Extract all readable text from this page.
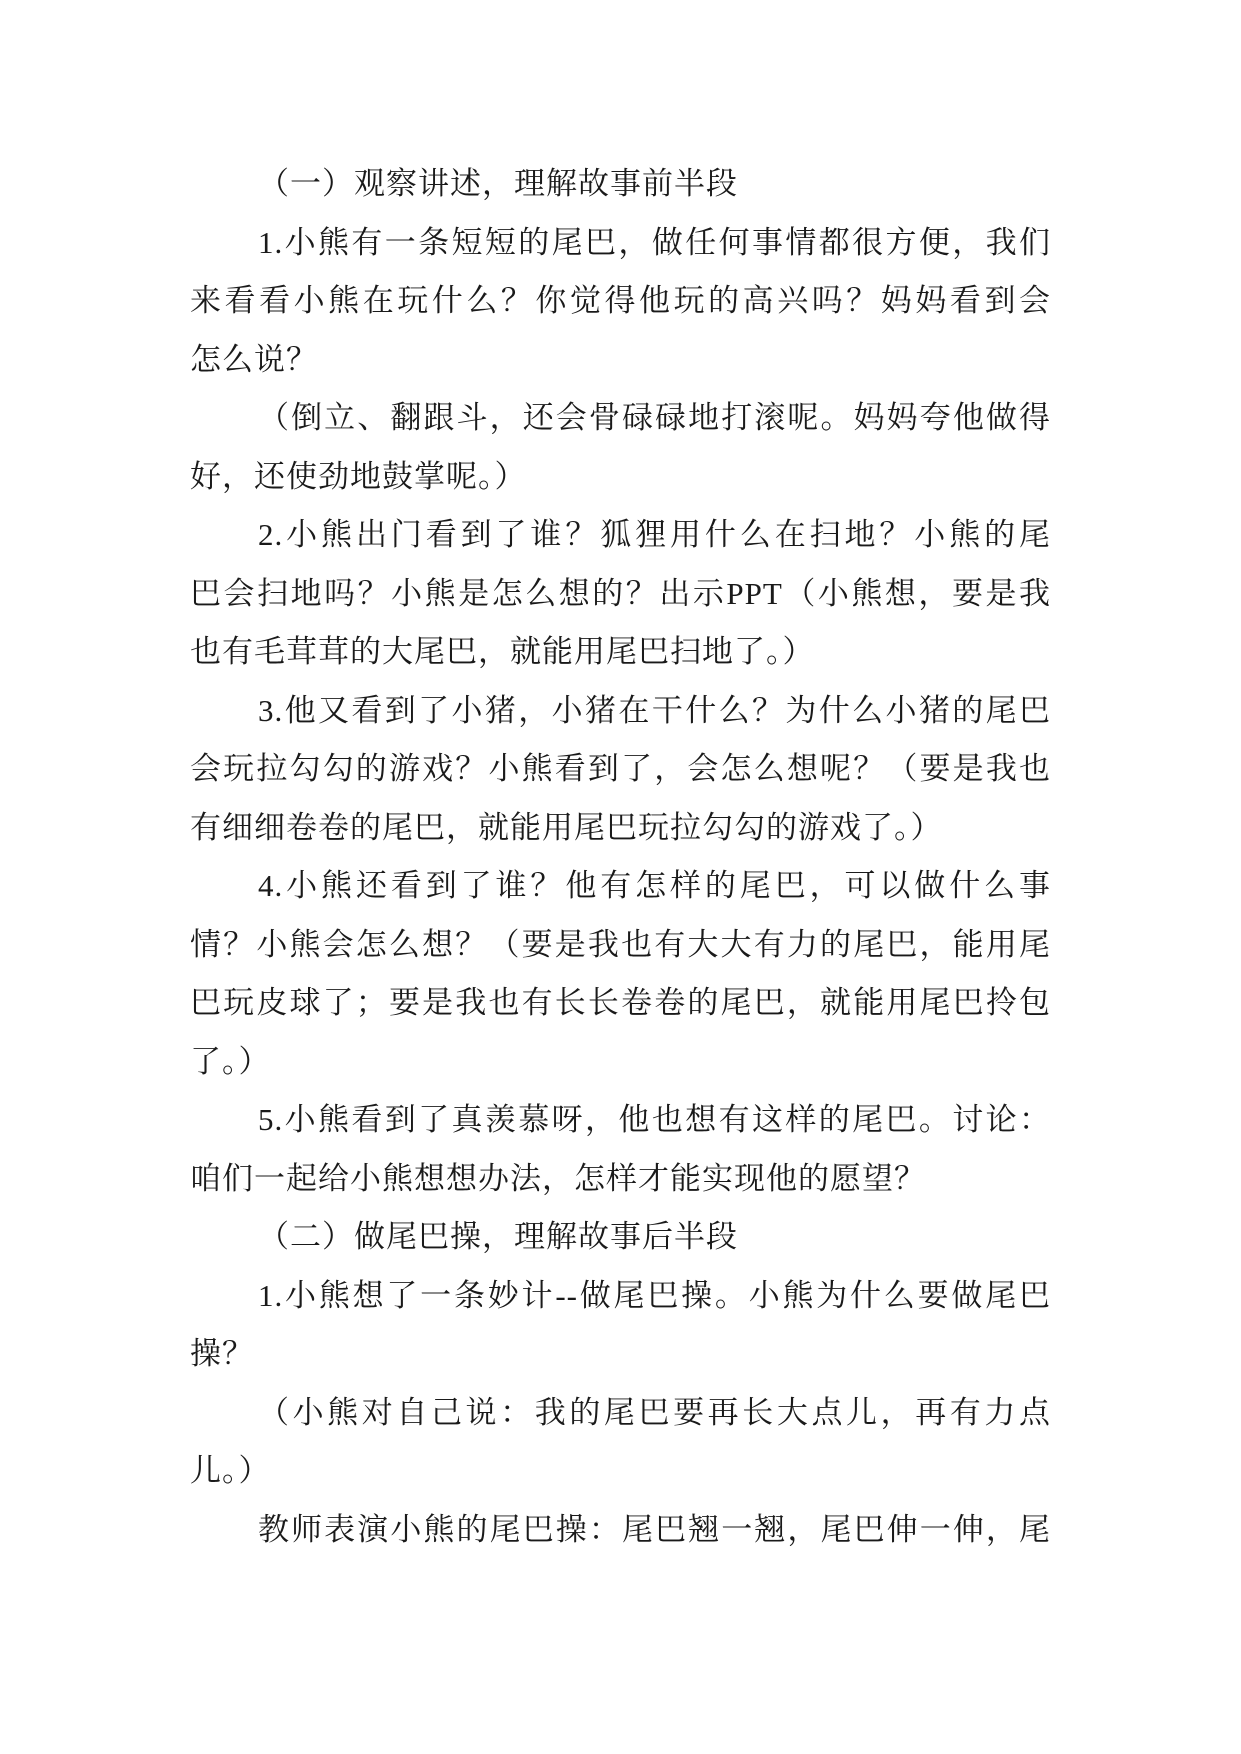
（一）观察讲述，理解故事前半段
1.小熊有一条短短的尾巴，做任何事情都很方便，我们
来看看小熊在玩什么？你觉得他玩的高兴吗？妈妈看到会
怎么说？
（倒立、翻跟斗，还会骨碌碌地打滚呢。妈妈夸他做得
好，还使劲地鼓掌呢。）
2.小熊出门看到了谁？狐狸用什么在扫地？小熊的尾
巴会扫地吗？小熊是怎么想的？出示PPT（小熊想，要是我
也有毛茸茸的大尾巴，就能用尾巴扫地了。）
3.他又看到了小猪，小猪在干什么？为什么小猪的尾巴
会玩拉勾勾的游戏？小熊看到了，会怎么想呢？（要是我也
有细细卷卷的尾巴，就能用尾巴玩拉勾勾的游戏了。）
4.小熊还看到了谁？他有怎样的尾巴，可以做什么事
情？小熊会怎么想？（要是我也有大大有力的尾巴，能用尾
巴玩皮球了；要是我也有长长卷卷的尾巴，就能用尾巴拎包
了。）
5.小熊看到了真羡慕呀，他也想有这样的尾巴。讨论：
咱们一起给小熊想想办法，怎样才能实现他的愿望？
（二）做尾巴操，理解故事后半段
1.小熊想了一条妙计--做尾巴操。小熊为什么要做尾巴
操？
（小熊对自己说：我的尾巴要再长大点儿，再有力点
儿。）
教师表演小熊的尾巴操：尾巴翘一翘，尾巴伸一伸，尾
